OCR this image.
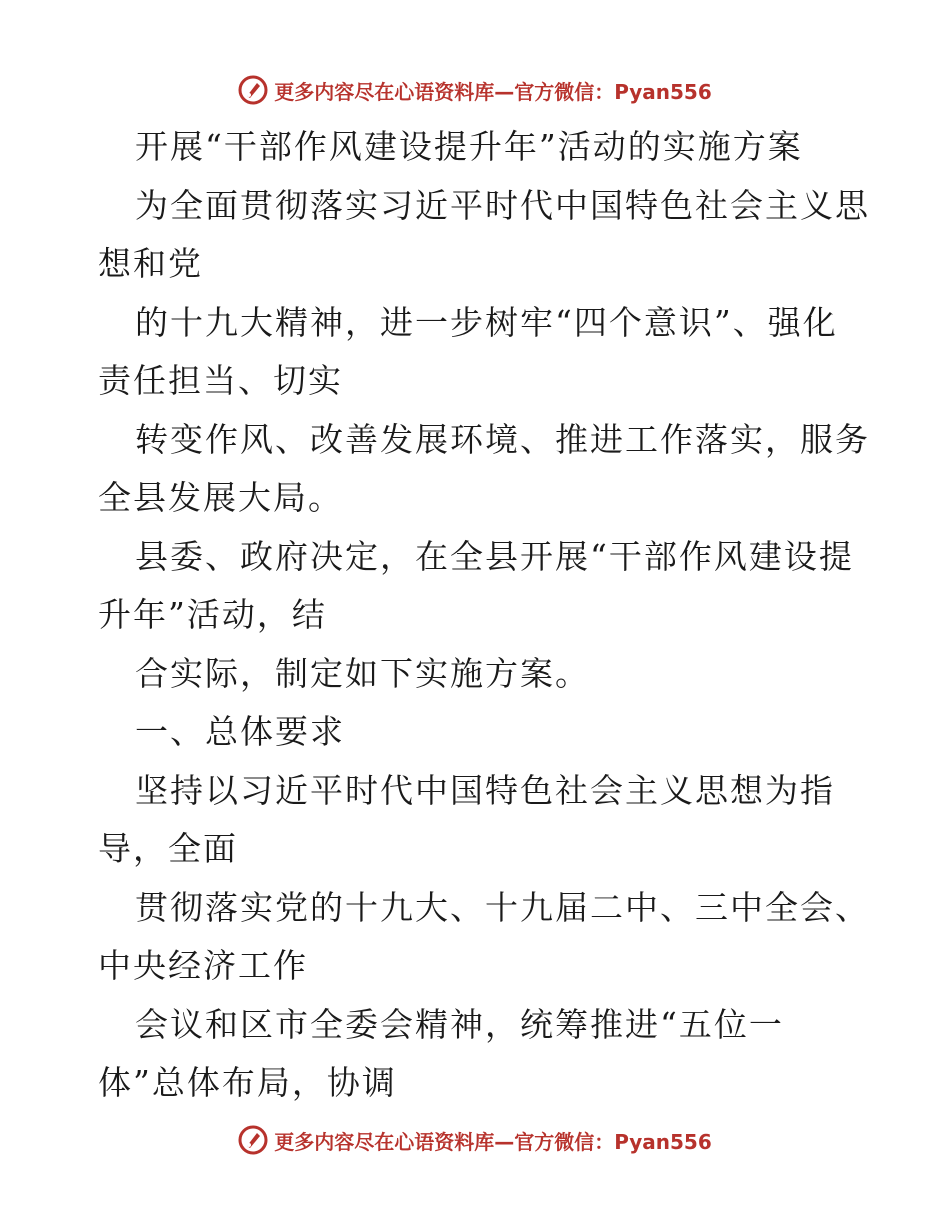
更多内容尽在心语资料库—官方微信：Pyan556
开展“干部作风建设提升年”活动的实施方案
为全面贯彻落实习近平时代中国特色社会主义思
想和党
的十九大精神，进一步树牢“四个意识”、强化
责任担当、切实
转变作风、改善发展环境、推进工作落实，服务
全县发展大局。
县委、政府决定，在全县开展“干部作风建设提
升年”活动，结
合实际，制定如下实施方案。
一、总体要求
坚持以习近平时代中国特色社会主义思想为指
导，全面
贯彻落实党的十九大、十九届二中、三中全会、
中央经济工作
会议和区市全委会精神，统筹推进“五位一
体”总体布局，协调
更多内容尽在心语资料库—官方微信：Pyan556
